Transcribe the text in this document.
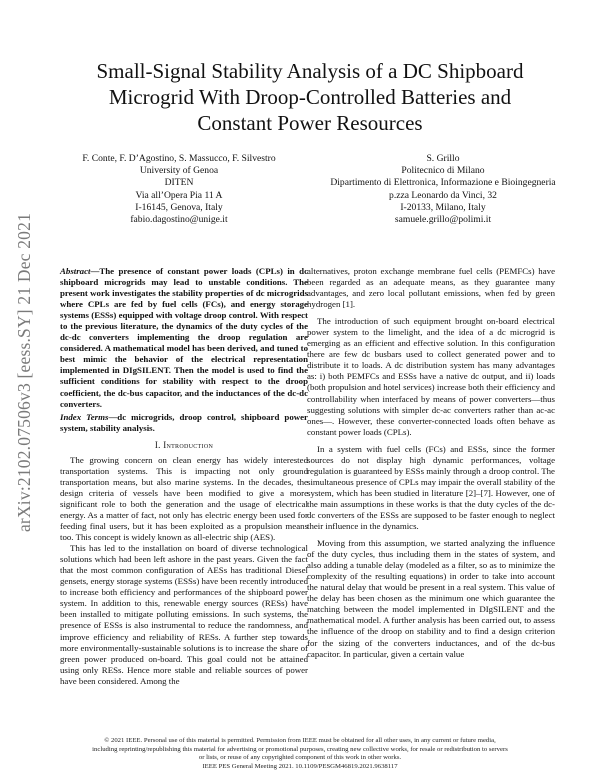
arXiv:2102.07506v3 [eess.SY] 21 Dec 2021
Small-Signal Stability Analysis of a DC Shipboard
Microgrid With Droop-Controlled Batteries and
Constant Power Resources
F. Conte, F. D’Agostino, S. Massucco, F. Silvestro
University of Genoa
DITEN
Via all’Opera Pia 11 A
I-16145, Genova, Italy
fabio.dagostino@unige.it
S. Grillo
Politecnico di Milano
Dipartimento di Elettronica, Informazione e Bioingegneria
p.zza Leonardo da Vinci, 32
I-20133, Milano, Italy
samuele.grillo@polimi.it

Abstract—The presence of constant power loads (CPLs) in dc shipboard microgrids may lead to unstable conditions. The present work investigates the stability properties of dc microgrids where CPLs are fed by fuel cells (FCs), and energy storage systems (ESSs) equipped with voltage droop control. With respect to the previous literature, the dynamics of the duty cycles of the dc-dc converters implementing the droop regulation are considered. A mathematical model has been derived, and tuned to best mimic the behavior of the electrical representation implemented in DIgSILENT. Then the model is used to find the sufficient conditions for stability with respect to the droop coefficient, the dc-bus capacitor, and the inductances of the dc-dc converters.

Index Terms—dc microgrids, droop control, shipboard power system, stability analysis.

I. Introduction

The growing concern on clean energy has widely interested transportation systems. This is impacting not only ground transportation means, but also marine systems. In the decades, the design criteria of vessels have been modified to give a more significant role to both the generation and the usage of electrical energy. As a matter of fact, not only has electric energy been used for feeding final users, but it has been exploited as a propulsion means too. This concept is widely known as all-electric ship (AES).

This has led to the installation on board of diverse technological solutions which had been left ashore in the past years. Given the fact that the most common configuration of AESs has traditional Diesel gensets, energy storage systems (ESSs) have been recently introduced to increase both efficiency and performances of the shipboard power system. In addition to this, renewable energy sources (RESs) have been installed to mitigate polluting emissions. In such systems, the presence of ESSs is also instrumental to reduce the randomness, and improve efficiency and reliability of RESs. A further step towards more environmentally-sustainable solutions is to increase the share of green power produced on-board. This goal could not be attained using only RESs. Hence more stable and reliable sources of power have been considered. Among the

alternatives, proton exchange membrane fuel cells (PEMFCs) have been regarded as an adequate means, as they guarantee many advantages, and zero local pollutant emissions, when fed by green hydrogen [1].

The introduction of such equipment brought on-board electrical power system to the limelight, and the idea of a dc microgrid is emerging as an efficient and effective solution. In this configuration there are few dc busbars used to collect generated power and to distribute it to loads. A dc distribution system has many advantages as: i) both PEMFCs and ESSs have a native dc output, and ii) loads (both propulsion and hotel services) increase both their efficiency and controllability when interfaced by means of power converters—thus suggesting solutions with simpler dc-ac converters rather than ac-ac ones—. However, these converter-connected loads often behave as constant power loads (CPLs).

In a system with fuel cells (FCs) and ESSs, since the former sources do not display high dynamic performances, voltage regulation is guaranteed by ESSs mainly through a droop control. The simultaneous presence of CPLs may impair the overall stability of the system, which has been studied in literature [2]–[7]. However, one of the main assumptions in these works is that the duty cycles of the dc-dc converters of the ESSs are supposed to be faster enough to neglect their influence in the dynamics.

Moving from this assumption, we started analyzing the influence of the duty cycles, thus including them in the states of system, and also adding a tunable delay (modeled as a filter, so as to minimize the complexity of the resulting equations) in order to take into account the natural delay that would be present in a real system. This value of the delay has been chosen as the minimum one which guarantee the matching between the model implemented in DIgSILENT and the mathematical model. A further analysis has been carried out, to assess the influence of the droop on stability and to find a design criterion for the sizing of the converters inductances, and of the dc-bus capacitor. In particular, given a certain value

© 2021 IEEE. Personal use of this material is permitted. Permission from IEEE must be obtained for all other uses, in any current or future media,
including reprinting/republishing this material for advertising or promotional purposes, creating new collective works, for resale or redistribution to servers
or lists, or reuse of any copyrighted component of this work in other works.
IEEE PES General Meeting 2021. 10.1109/PESGM46819.2021.9638117
